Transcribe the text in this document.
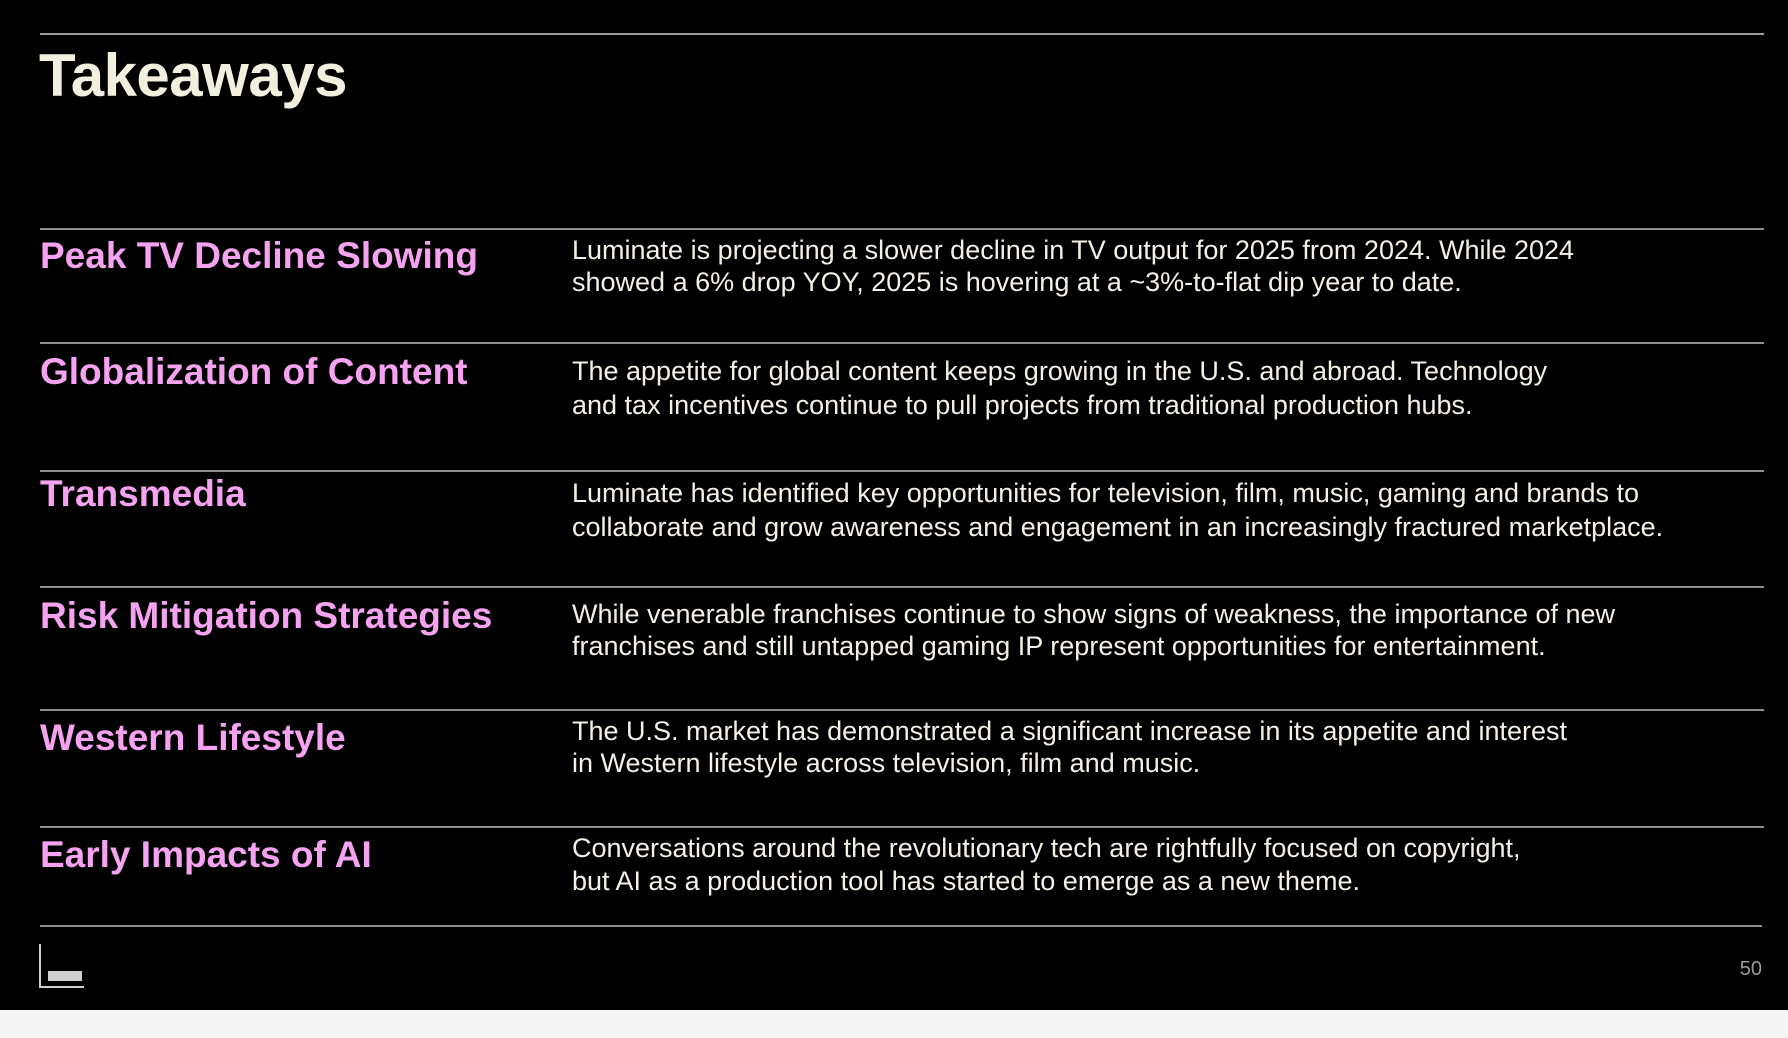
Takeaways
Peak TV Decline Slowing	Luminate is projecting a slower decline in TV output for 2025 from 2024. While 2024
showed a 6% drop YOY, 2025 is hovering at a ~3%-to-flat dip year to date.
Globalization of Content	The appetite for global content keeps growing in the U.S. and abroad. Technology
and tax incentives continue to pull projects from traditional production hubs.
Transmedia	Luminate has identified key opportunities for television, film, music, gaming and brands to
collaborate and grow awareness and engagement in an increasingly fractured marketplace.
Risk Mitigation Strategies	While venerable franchises continue to show signs of weakness, the importance of new
franchises and still untapped gaming IP represent opportunities for entertainment.
Western Lifestyle	The U.S. market has demonstrated a significant increase in its appetite and interest
in Western lifestyle across television, film and music.
Early Impacts of AI	Conversations around the revolutionary tech are rightfully focused on copyright,
but AI as a production tool has started to emerge as a new theme.
50
